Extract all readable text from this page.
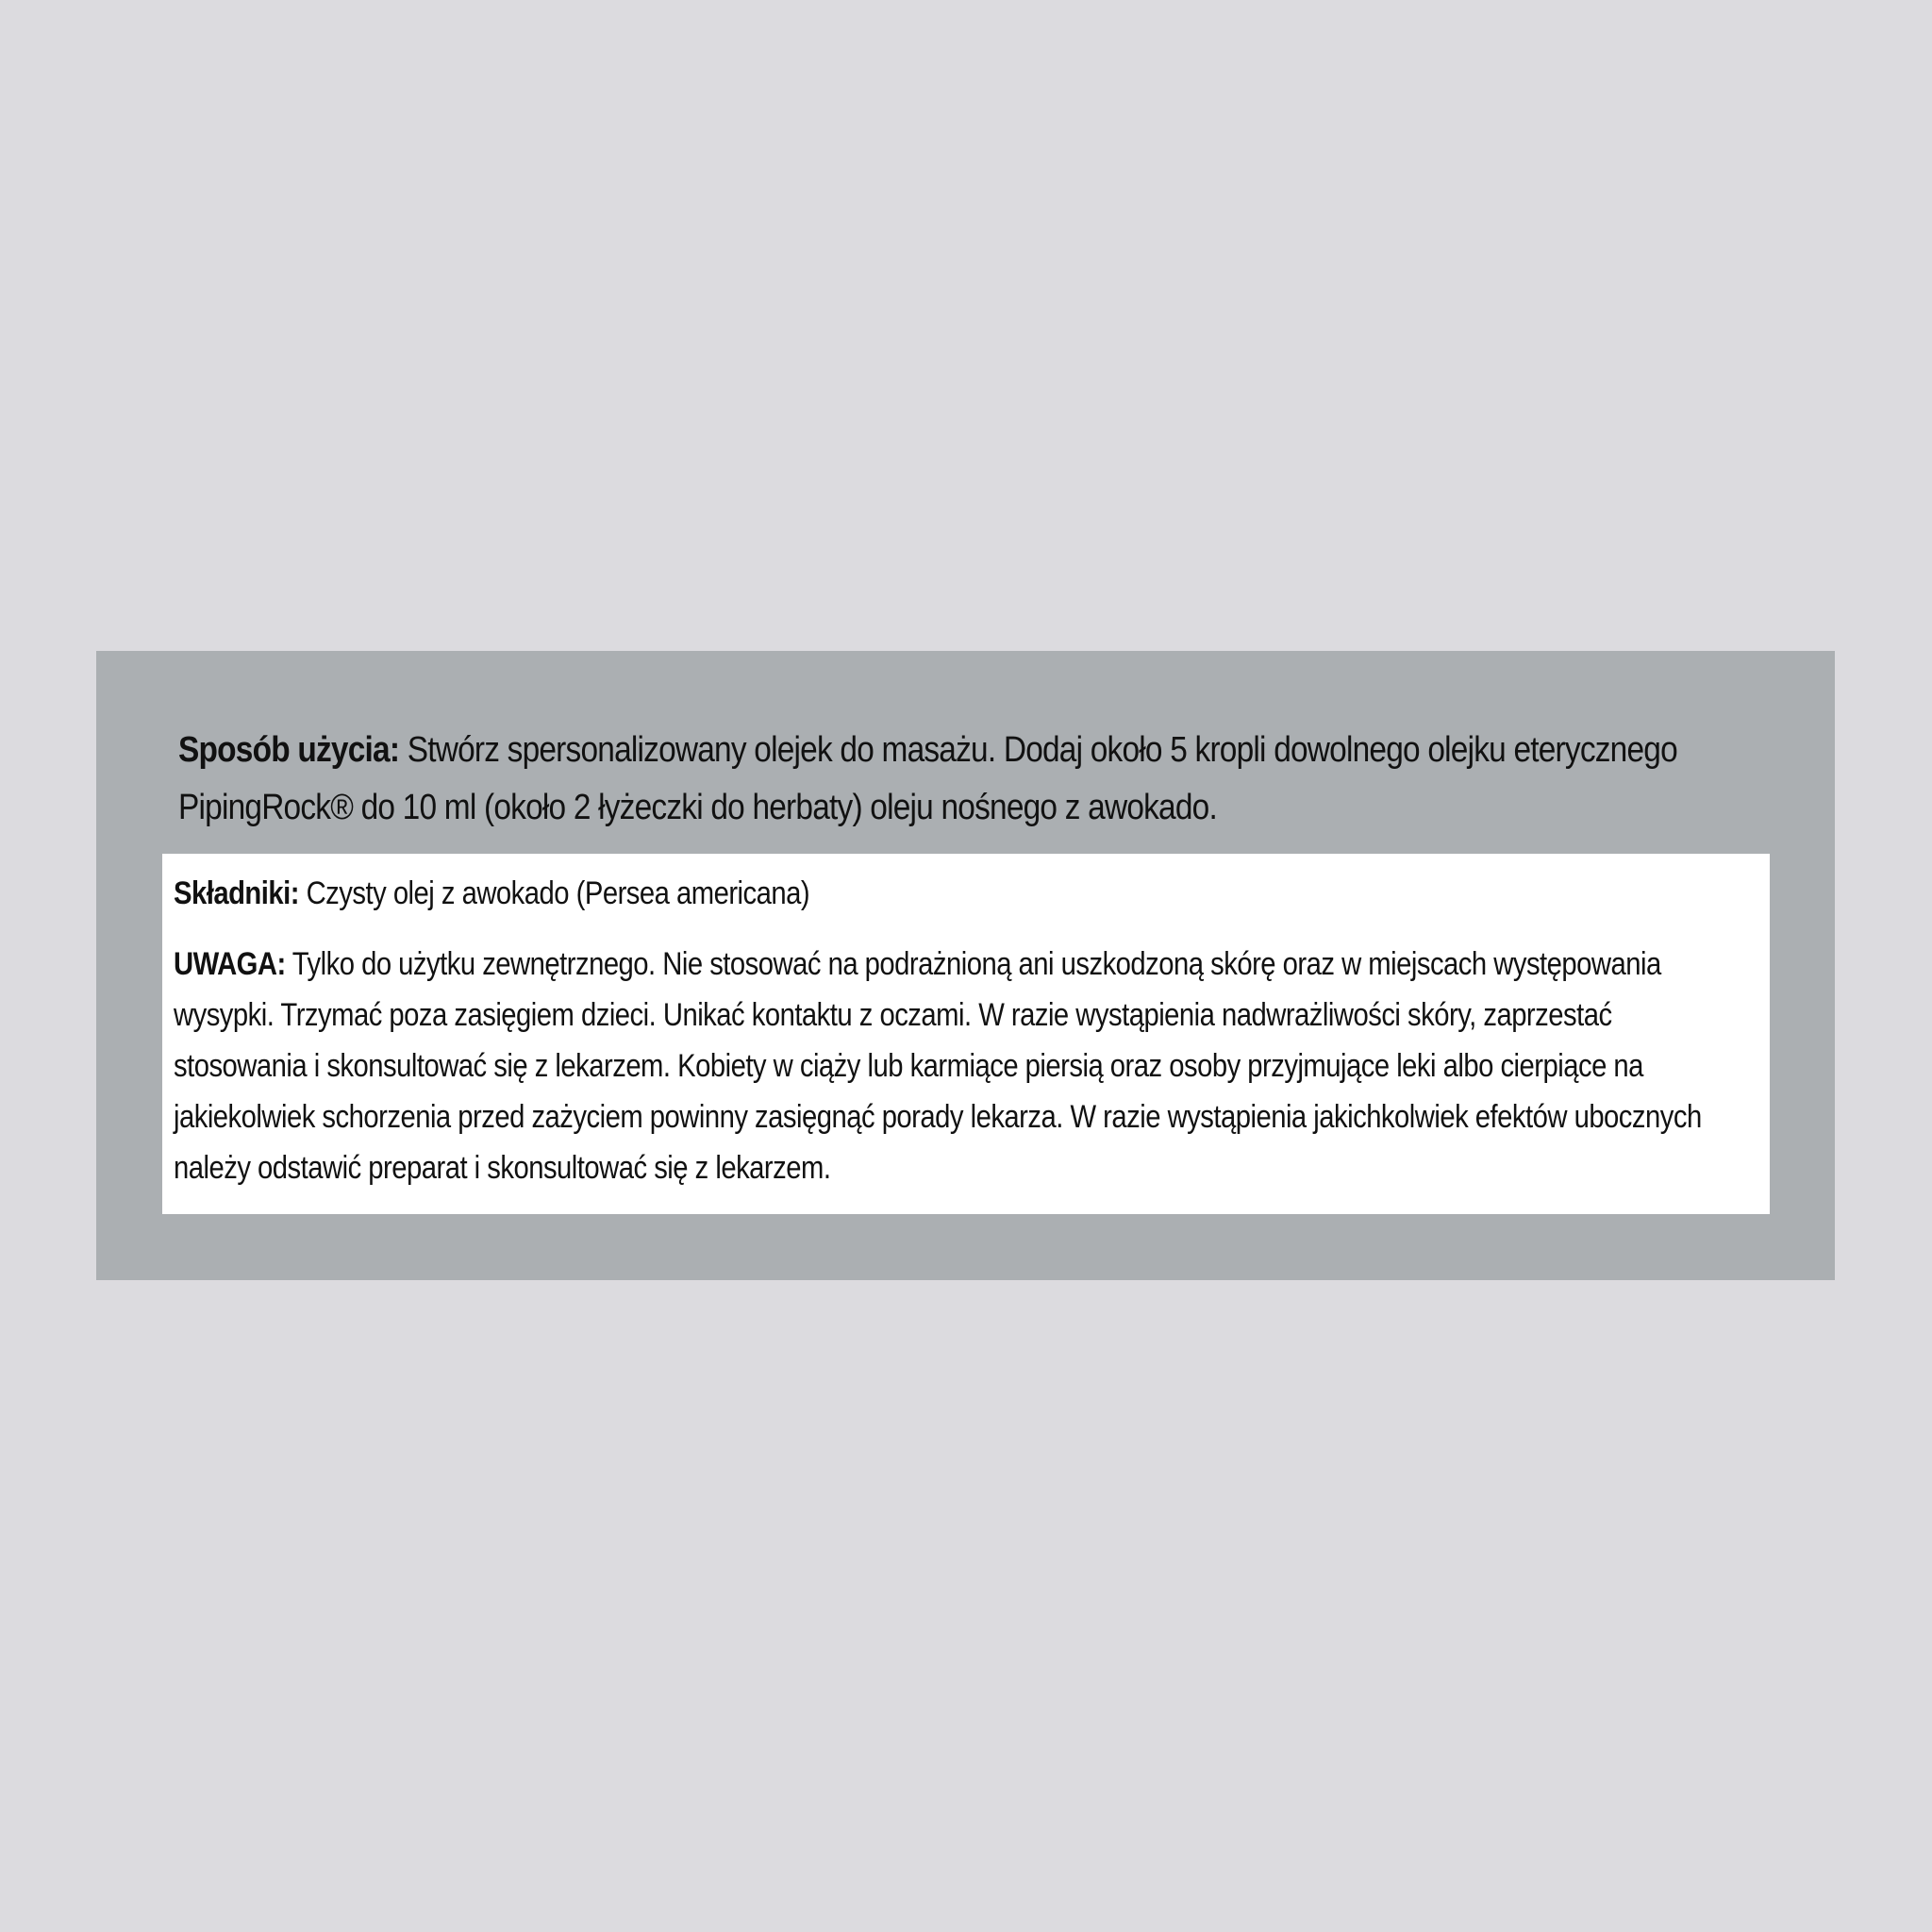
Sposób użycia: Stwórz spersonalizowany olejek do masażu. Dodaj około 5 kropli dowolnego olejku eterycznego PipingRock® do 10 ml (około 2 łyżeczki do herbaty) oleju nośnego z awokado.

Składniki: Czysty olej z awokado (Persea americana)

UWAGA: Tylko do użytku zewnętrznego. Nie stosować na podrażnioną ani uszkodzoną skórę oraz w miejscach występowania wysypki. Trzymać poza zasięgiem dzieci. Unikać kontaktu z oczami. W razie wystąpienia nadwrażliwości skóry, zaprzestać stosowania i skonsultować się z lekarzem. Kobiety w ciąży lub karmiące piersią oraz osoby przyjmujące leki albo cierpiące na jakiekolwiek schorzenia przed zażyciem powinny zasięgnąć porady lekarza. W razie wystąpienia jakichkolwiek efektów ubocznych należy odstawić preparat i skonsultować się z lekarzem.
